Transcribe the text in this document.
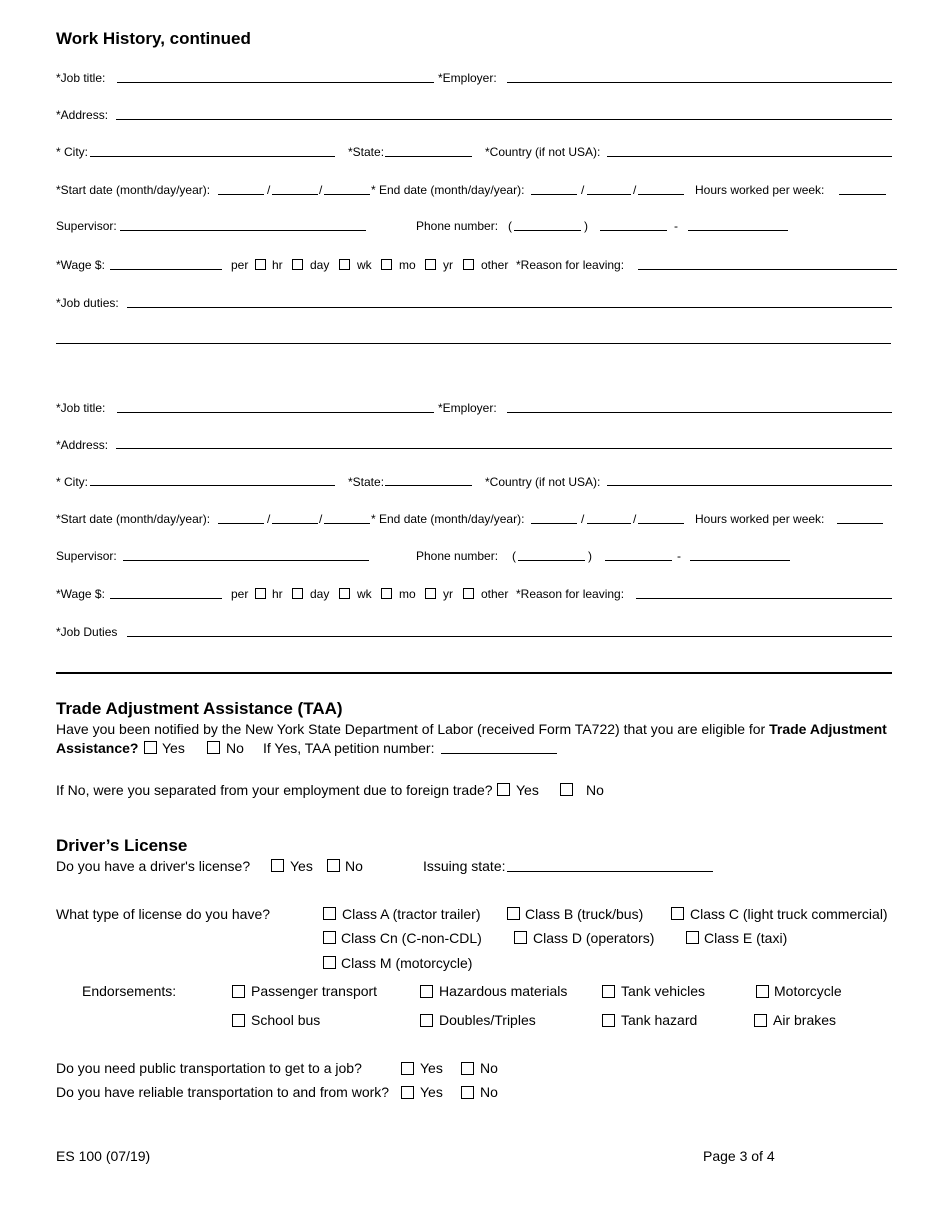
Work History, continued
*Job title:	*Employer:
*Address:
* City:	*State:	*Country (if not USA):
*Start date (month/day/year):	/	/	* End date (month/day/year):	/	/	Hours worked per week:
Supervisor:	Phone number: (	)	-
*Wage $:	per hr day wk mo yr other *Reason for leaving:
*Job duties:
*Job title:	*Employer:
*Address:
* City:	*State:	*Country (if not USA):
*Start date (month/day/year):	/	/	* End date (month/day/year):	/	/	Hours worked per week:
Supervisor:	Phone number: (	)	-
*Wage $:	per hr day wk mo yr other *Reason for leaving:
*Job Duties
Trade Adjustment Assistance (TAA)
Have you been notified by the New York State Department of Labor (received Form TA722) that you are eligible for Trade Adjustment
Assistance? Yes	No If Yes, TAA petition number:
If No, were you separated from your employment due to foreign trade? Yes	No
Driver’s License
Do you have a driver's license?	Yes No	Issuing state:
What type of license do you have?	Class A (tractor trailer)	Class B (truck/bus)	Class C (light truck commercial)
Class Cn (C-non-CDL)	Class D (operators)	Class E (taxi)
Class M (motorcycle)
Endorsements:	Passenger transport	Hazardous materials	Tank vehicles	Motorcycle
School bus	Doubles/Triples	Tank hazard	Air brakes
Do you need public transportation to get to a job?	Yes	No
Do you have reliable transportation to and from work? Yes	No
ES 100 (07/19)	Page 3 of 4
